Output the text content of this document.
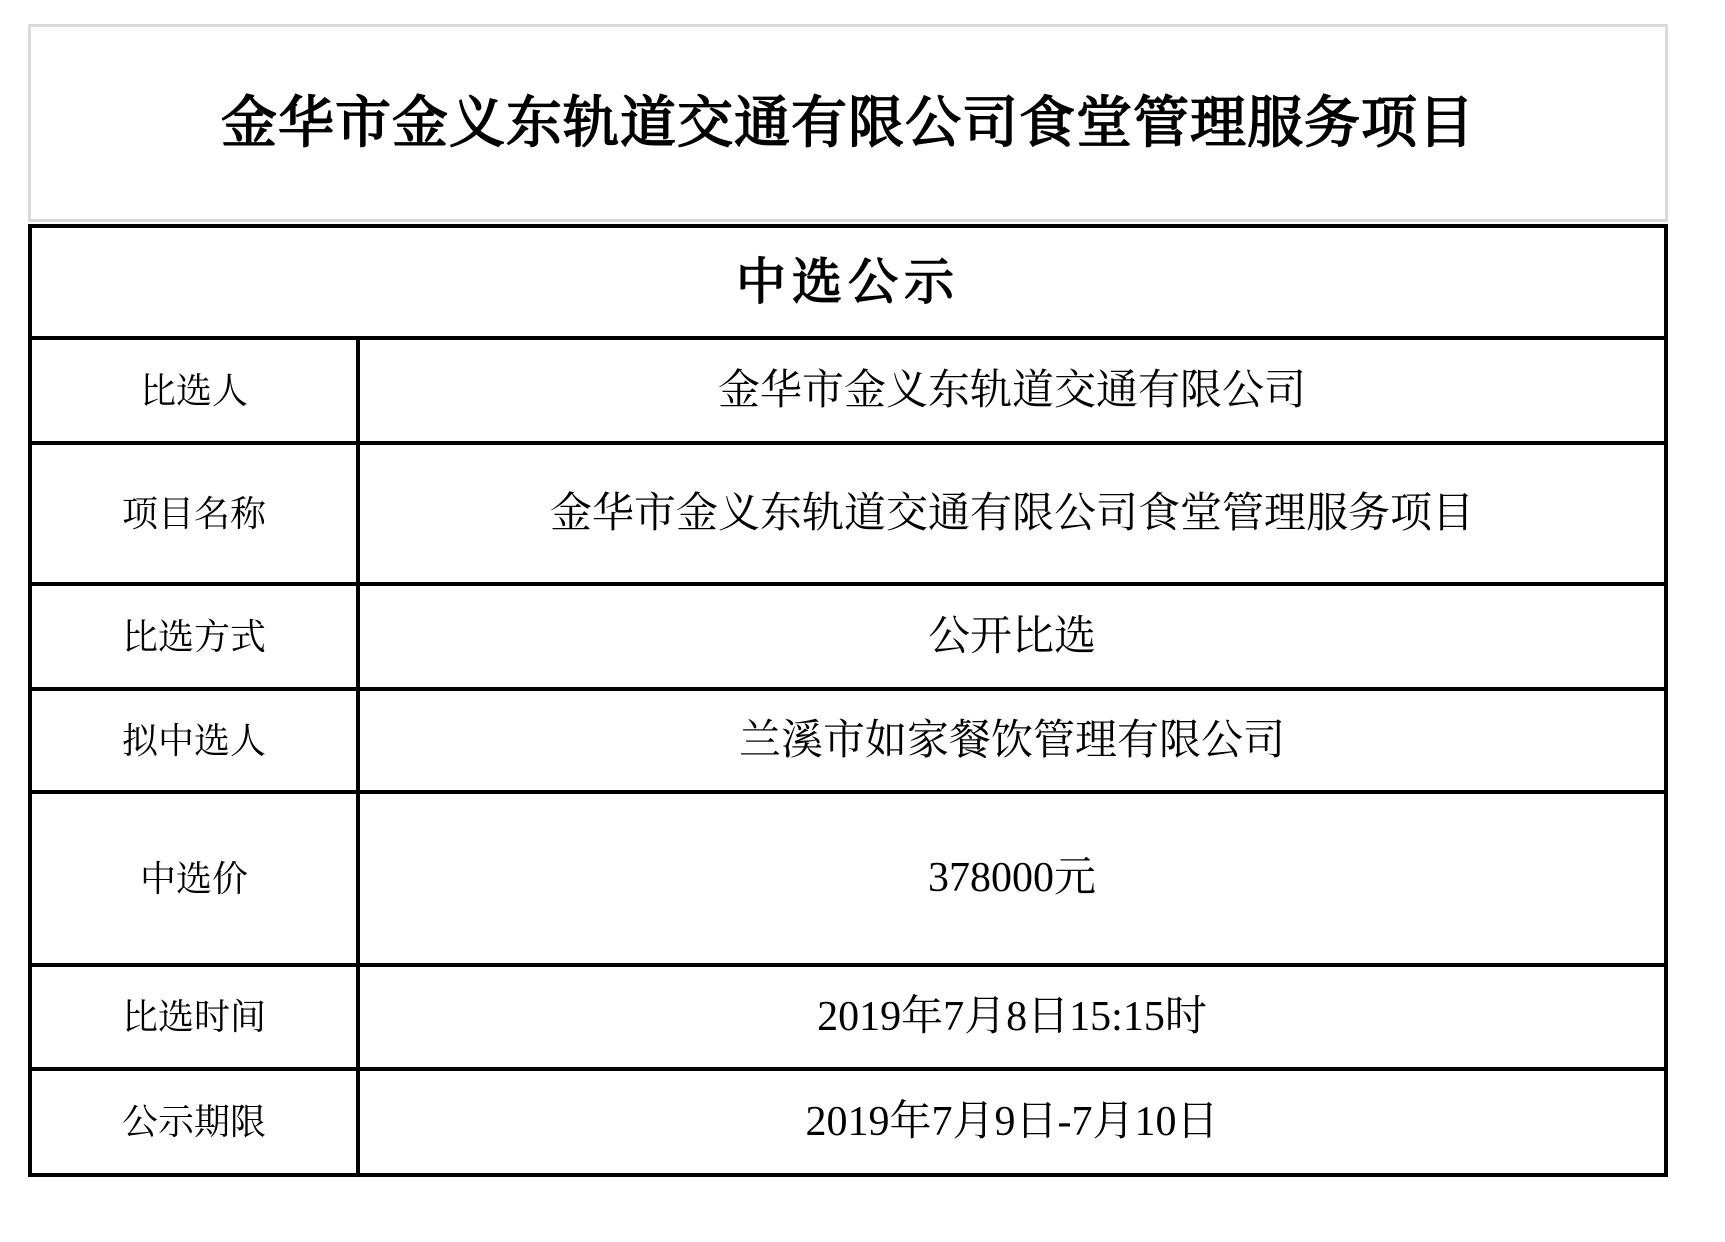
金华市金义东轨道交通有限公司食堂管理服务项目
中选公示
比选人	金华市金义东轨道交通有限公司
项目名称	金华市金义东轨道交通有限公司食堂管理服务项目
比选方式	公开比选
拟中选人	兰溪市如家餐饮管理有限公司
中选价	378000元
比选时间	2019年7月8日15:15时
公示期限	2019年7月9日-7月10日
